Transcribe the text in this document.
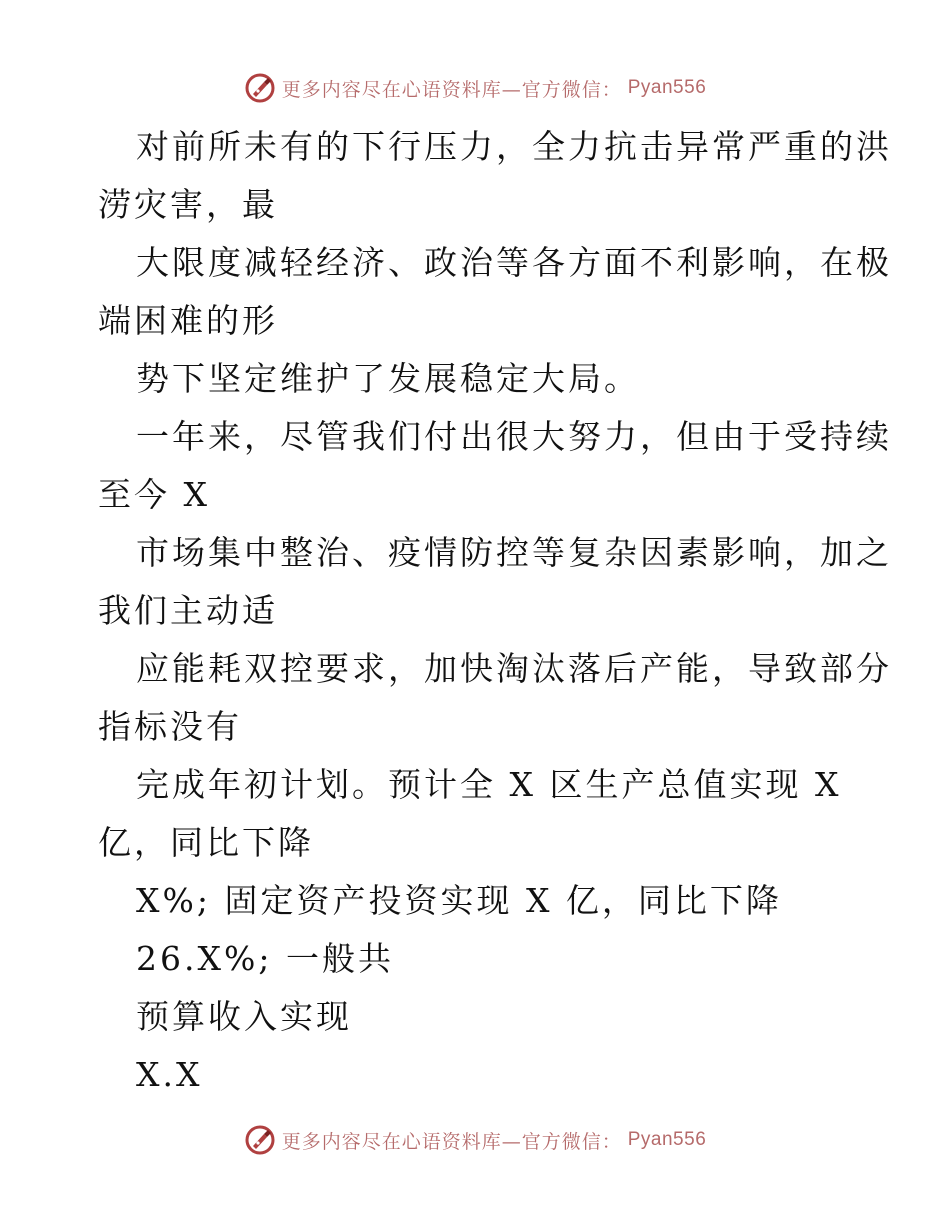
更多内容尽在心语资料库—官方微信： Pyan556
对前所未有的下行压力，全力抗击异常严重的洪
涝灾害，最
大限度减轻经济、政治等各方面不利影响，在极
端困难的形
势下坚定维护了发展稳定大局。
一年来，尽管我们付出很大努力，但由于受持续
至今 X
市场集中整治、疫情防控等复杂因素影响，加之
我们主动适
应能耗双控要求，加快淘汰落后产能，导致部分
指标没有
完成年初计划。预计全 X 区生产总值实现 X
亿，同比下降
X%; 固定资产投资实现 X 亿，同比下降
26.X%; 一般共
预算收入实现
X.X
更多内容尽在心语资料库—官方微信： Pyan556
